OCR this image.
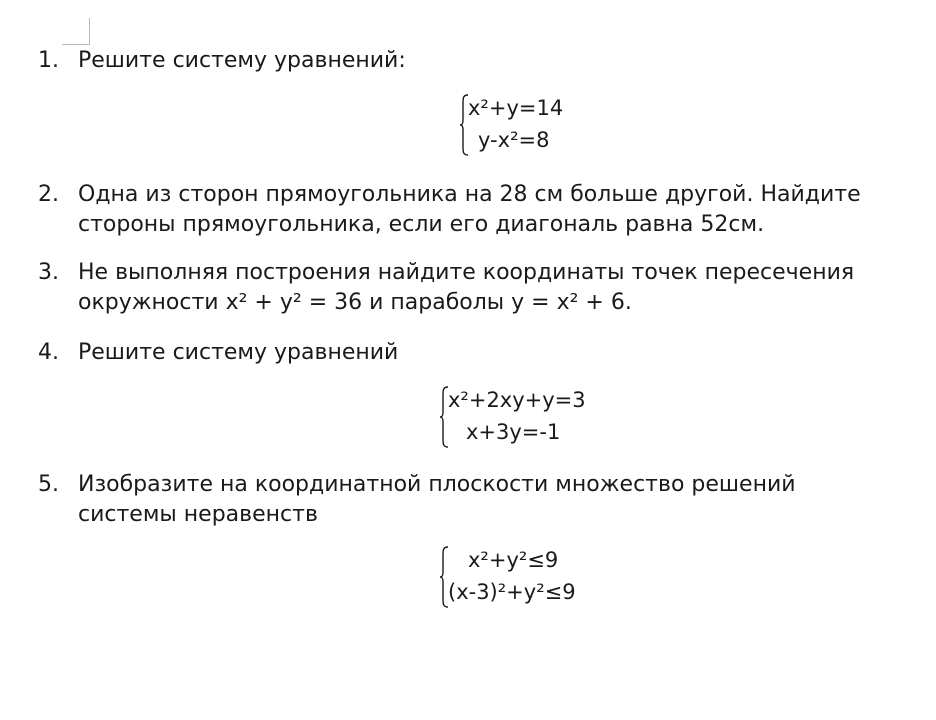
1. Решите систему уравнений:
x²+y=14
y-x²=8
2. Одна из сторон прямоугольника на 28 см больше другой. Найдите
стороны прямоугольника, если его диагональ равна 52см.
3. Не выполняя построения найдите координаты точек пересечения
окружности x² + y² = 36 и параболы y = x² + 6.
4. Решите систему уравнений
x²+2xy+y=3
x+3y=-1
5. Изобразите на координатной плоскости множество решений
системы неравенств
x²+y²≤9
(x-3)²+y²≤9
